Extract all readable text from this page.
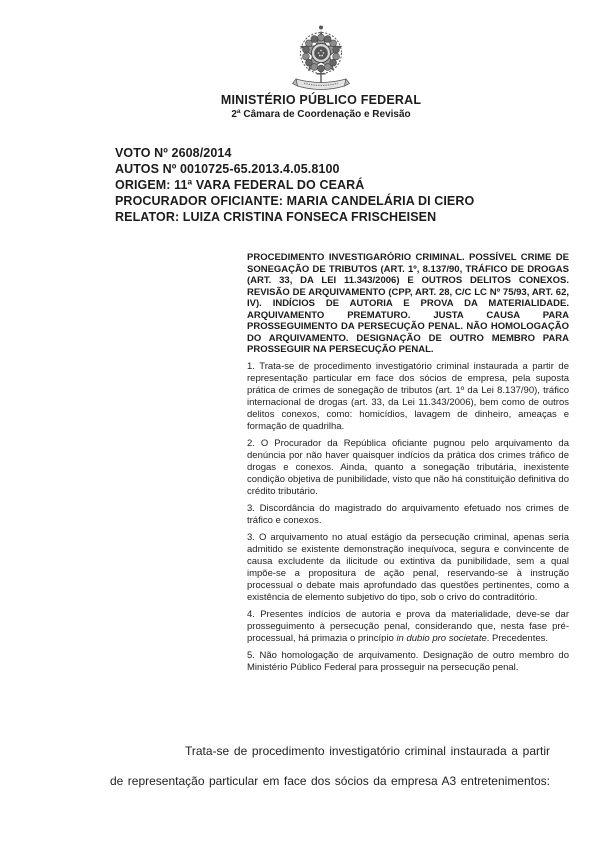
MINISTÉRIO PÚBLICO FEDERAL
2ª Câmara de Coordenação e Revisão
VOTO Nº 2608/2014
AUTOS Nº 0010725-65.2013.4.05.8100
ORIGEM: 11ª VARA FEDERAL DO CEARÁ
PROCURADOR OFICIANTE: MARIA CANDELÁRIA DI CIERO
RELATOR: LUIZA CRISTINA FONSECA FRISCHEISEN

PROCEDIMENTO INVESTIGARÓRIO CRIMINAL. POSSÍVEL CRIME DE SONEGAÇÃO DE TRIBUTOS (ART. 1º, 8.137/90, TRÁFICO DE DROGAS (ART. 33, DA LEI 11.343/2006) E OUTROS DELITOS CONEXOS. REVISÃO DE ARQUIVAMENTO (CPP, ART. 28, C/C LC Nº 75/93, ART. 62, IV). INDÍCIOS DE AUTORIA E PROVA DA MATERIALIDADE. ARQUIVAMENTO PREMATURO. JUSTA CAUSA PARA PROSSEGUIMENTO DA PERSECUÇÃO PENAL. NÃO HOMOLOGAÇÃO DO ARQUIVAMENTO. DESIGNAÇÃO DE OUTRO MEMBRO PARA PROSSEGUIR NA PERSECUÇÃO PENAL.

1. Trata-se de procedimento investigatório criminal instaurada a partir de representação particular em face dos sócios de empresa, pela suposta prática de crimes de sonegação de tributos (art. 1º da Lei 8.137/90), tráfico internacional de drogas (art. 33, da Lei 11.343/2006), bem como de outros delitos conexos, como: homicídios, lavagem de dinheiro, ameaças e formação de quadrilha.

2. O Procurador da República oficiante pugnou pelo arquivamento da denúncia por não haver quaisquer indícios da prática dos crimes tráfico de drogas e conexos. Ainda, quanto a sonegação tributária, inexistente condição objetiva de punibilidade, visto que não há constituição definitiva do crédito tributário.

3. Discordância do magistrado do arquivamento efetuado nos crimes de tráfico e conexos.

3. O arquivamento no atual estágio da persecução criminal, apenas seria admitido se existente demonstração inequívoca, segura e convincente de causa excludente da ilicitude ou extintiva da punibilidade, sem a qual impõe-se a propositura de ação penal, reservando-se à instrução processual o debate mais aprofundado das questões pertinentes, como a existência de elemento subjetivo do tipo, sob o crivo do contraditório.

4. Presentes indícios de autoria e prova da materialidade, deve-se dar prosseguimento à persecução penal, considerando que, nesta fase pré-processual, há primazia o princípio in dubio pro societate. Precedentes.

5. Não homologação de arquivamento. Designação de outro membro do Ministério Público Federal para prosseguir na persecução penal.

Trata-se de procedimento investigatório criminal instaurada a partir
de representação particular em face dos sócios da empresa A3 entretenimentos:
